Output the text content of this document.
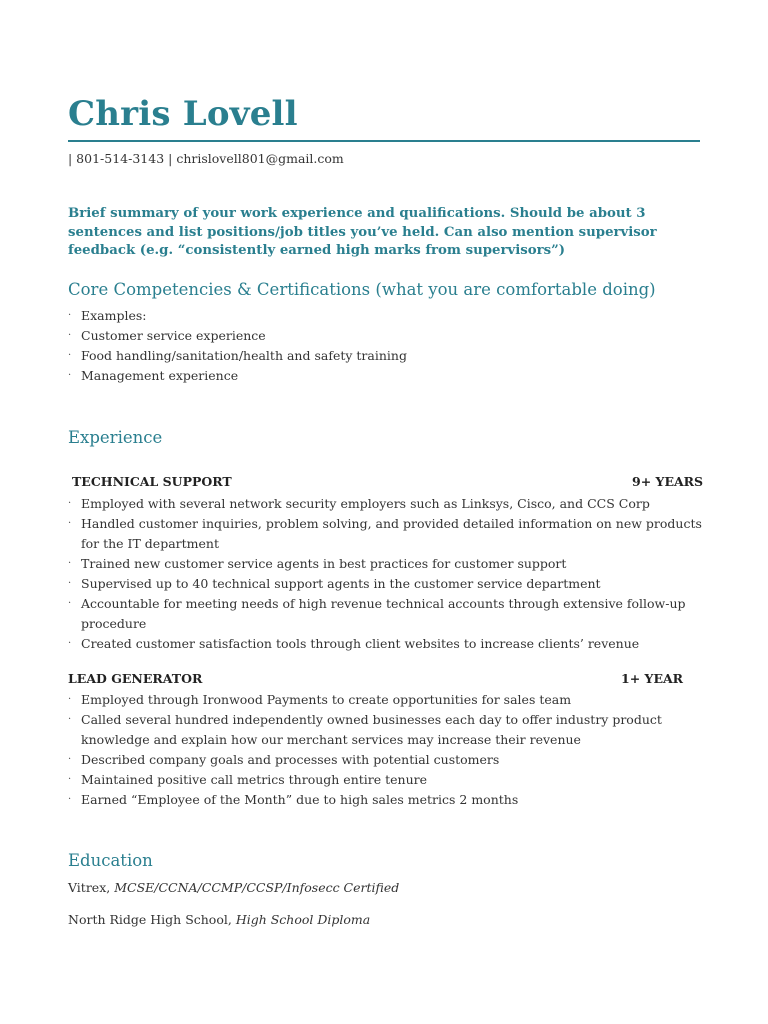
Chris Lovell
| 801-514-3143 | chrislovell801@gmail.com
Brief summary of your work experience and qualifications. Should be about 3 sentences and list positions/job titles you’ve held. Can also mention supervisor feedback (e.g. “consistently earned high marks from supervisors”)
Core Competencies & Certifications (what you are comfortable doing)
· Examples:
· Customer service experience
· Food handling/sanitation/health and safety training
· Management experience
Experience
TECHNICAL SUPPORT	9+ YEARS
· Employed with several network security employers such as Linksys, Cisco, and CCS Corp
· Handled customer inquiries, problem solving, and provided detailed information on new products for the IT department
· Trained new customer service agents in best practices for customer support
· Supervised up to 40 technical support agents in the customer service department
· Accountable for meeting needs of high revenue technical accounts through extensive follow-up procedure
· Created customer satisfaction tools through client websites to increase clients’ revenue
LEAD GENERATOR	1+ YEAR
· Employed through Ironwood Payments to create opportunities for sales team
· Called several hundred independently owned businesses each day to offer industry product knowledge and explain how our merchant services may increase their revenue
· Described company goals and processes with potential customers
· Maintained positive call metrics through entire tenure
· Earned “Employee of the Month” due to high sales metrics 2 months
Education
Vitrex, MCSE/CCNA/CCMP/CCSP/Infosecc Certified
North Ridge High School, High School Diploma
